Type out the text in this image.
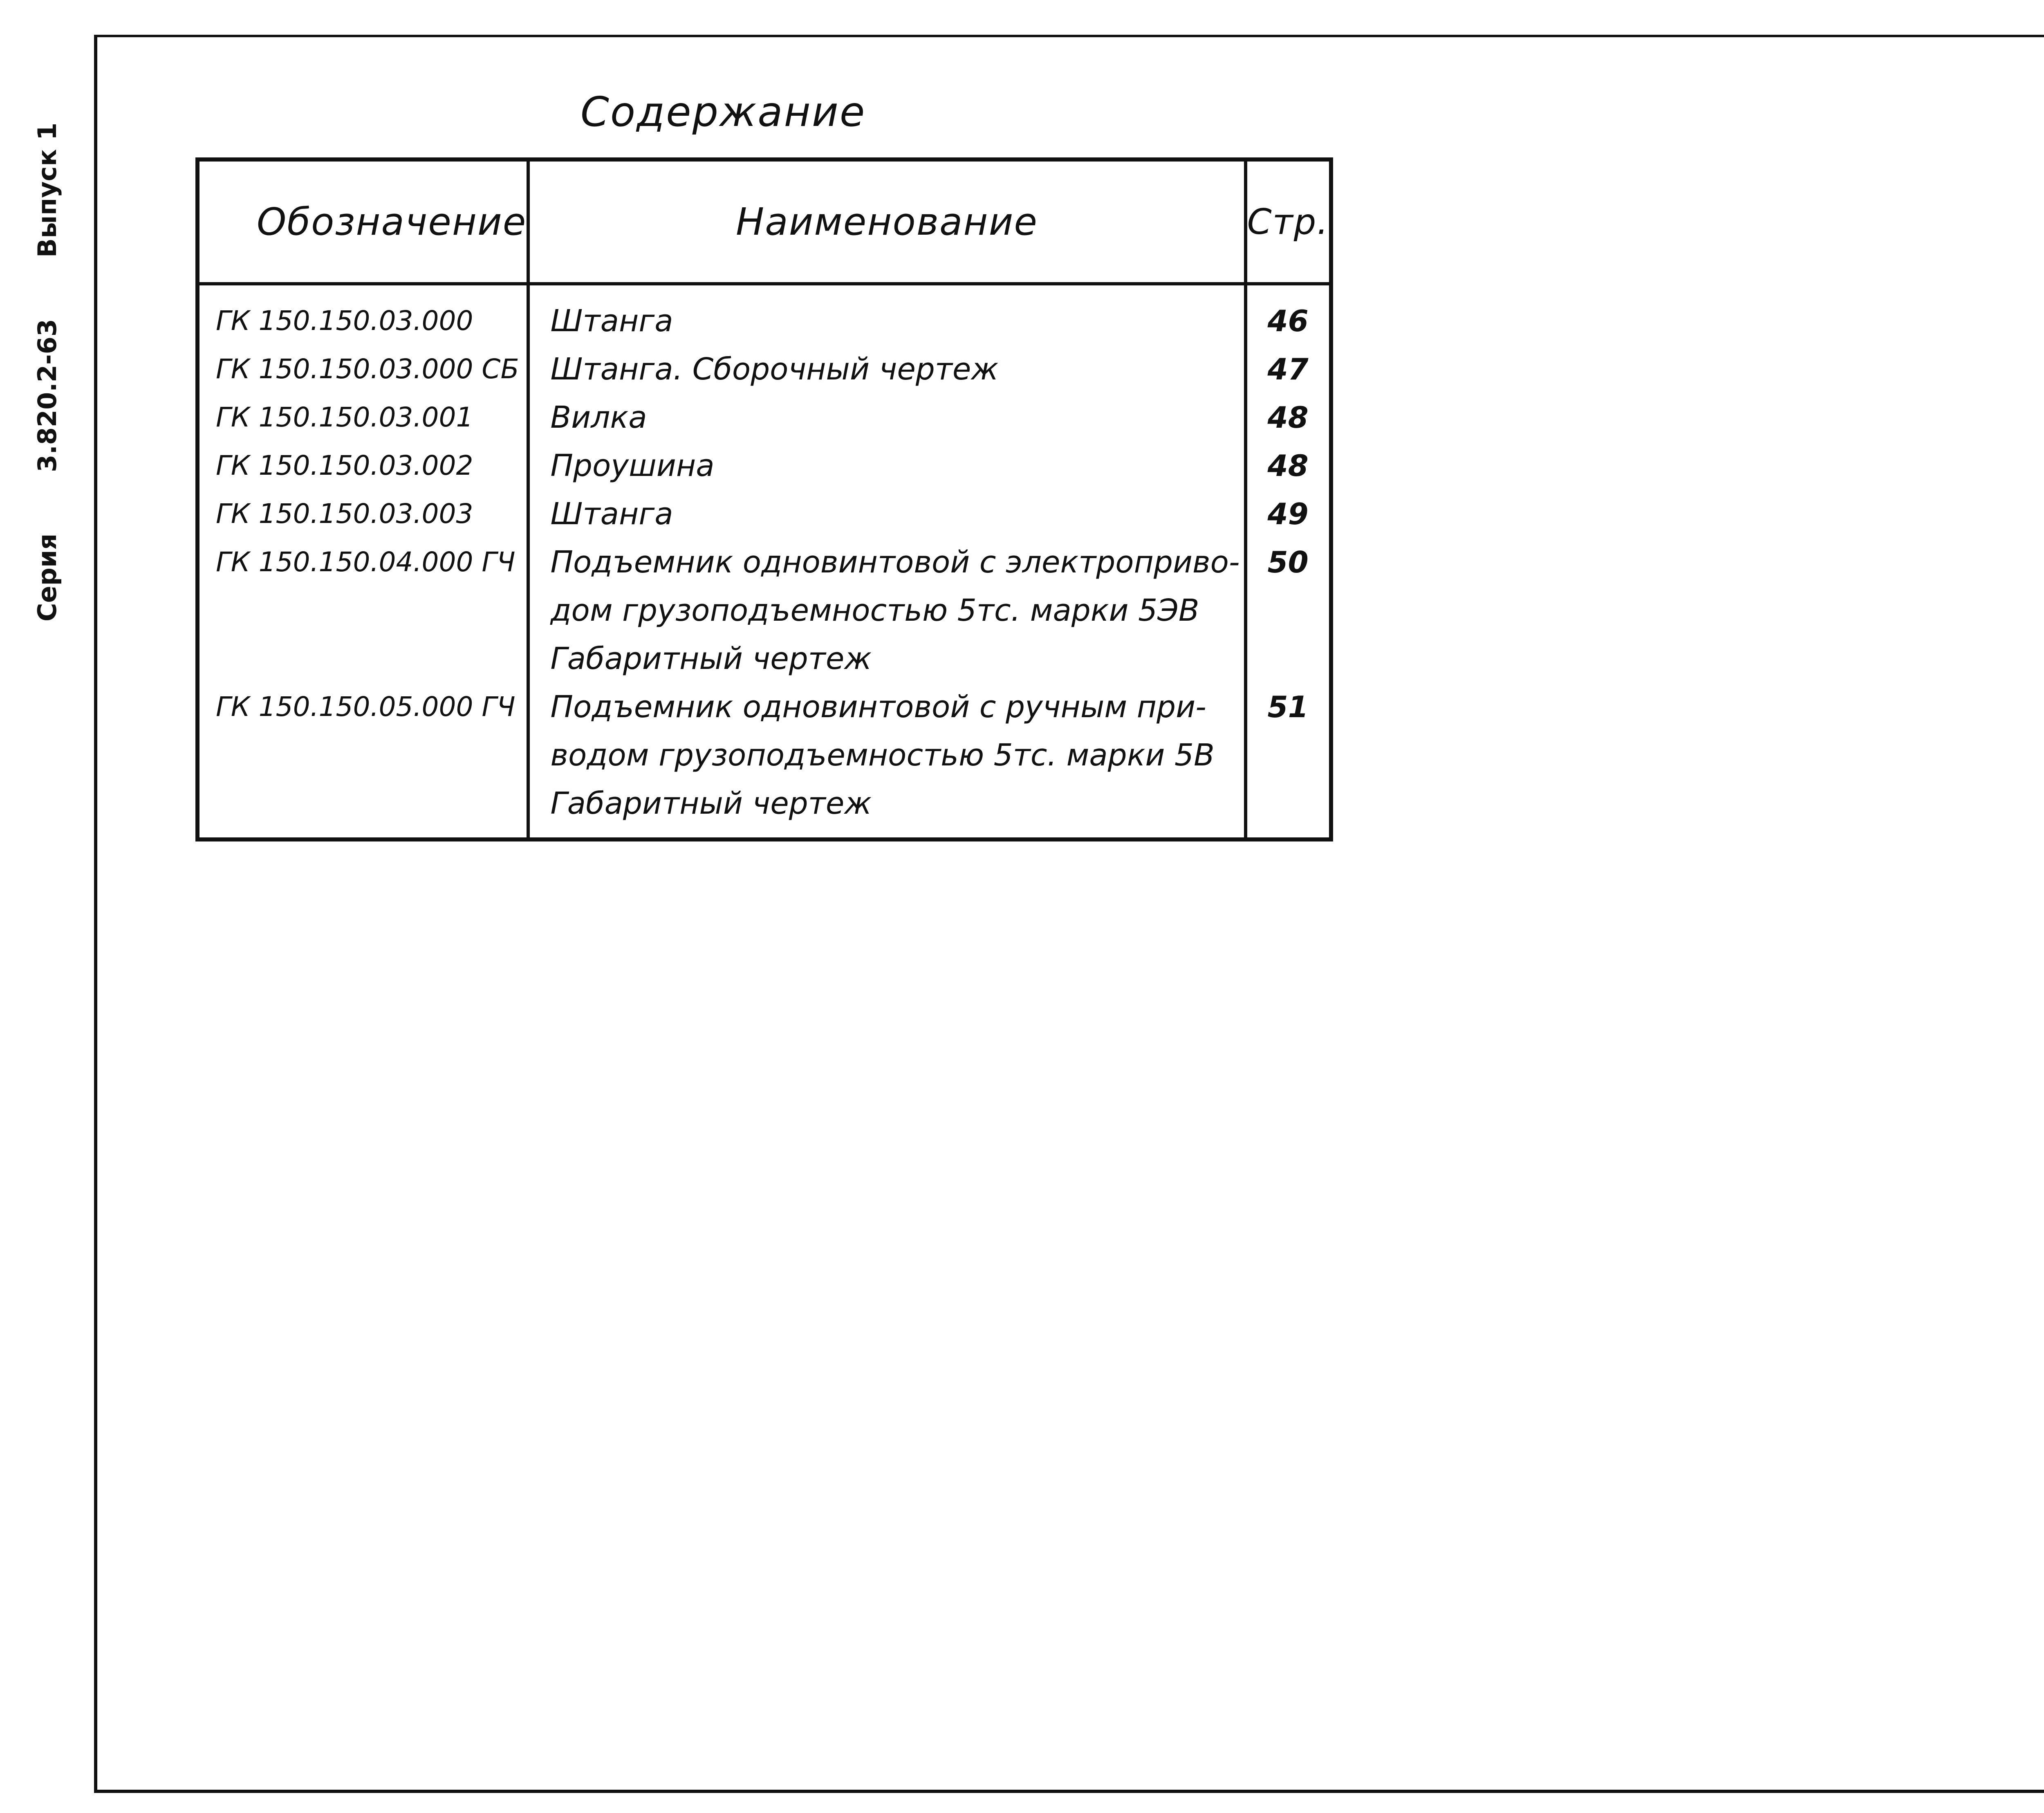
Серия
3.820.2-63
Выпуск 1
Содержание
Обозначение	Наименование	Стр.
ГК 150.150.03.000	Штанга	46
ГК 150.150.03.000 СБ	Штанга. Сборочный чертеж	47
ГК 150.150.03.001	Вилка	48
ГК 150.150.03.002	Проушина	48
ГК 150.150.03.003	Штанга	49
ГК 150.150.04.000 ГЧ	Подъемник одновинтовой с электроприво-
дом грузоподъемностью 5тс. марки 5ЭВ
Габаритный чертеж	50
ГК 150.150.05.000 ГЧ	Подъемник одновинтовой с ручным при-
водом грузоподъемностью 5тс. марки 5В
Габаритный чертеж	51
